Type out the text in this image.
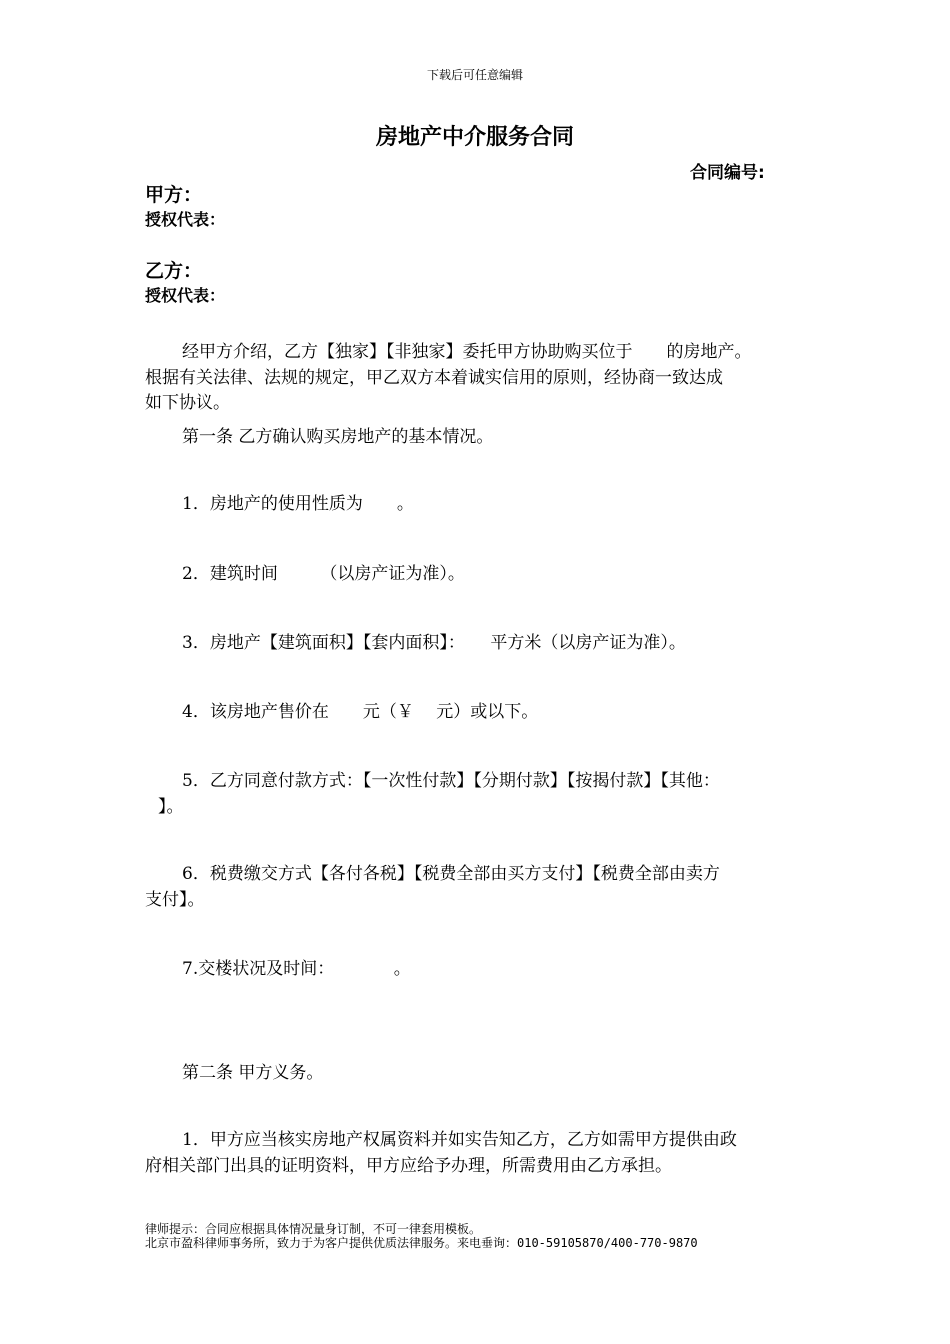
下载后可任意编辑
房地产中介服务合同
合同编号:
甲方：
授权代表：
乙方：
授权代表：
经甲方介绍，乙方【独家】【非独家】委托甲方协助购买位于　　的房地产。
根据有关法律、法规的规定，甲乙双方本着诚实信用的原则，经协商一致达成
如下协议。
第一条 乙方确认购买房地产的基本情况。
1．房地产的使用性质为　　。
2．建筑时间　　　（以房产证为准）。
3．房地产【建筑面积】【套内面积】：　　平方米（以房产证为准）。
4．该房地产售价在　　元（￥　 元）或以下。
5．乙方同意付款方式：【一次性付款】【分期付款】【按揭付款】【其他：
】。
6．税费缴交方式【各付各税】【税费全部由买方支付】【税费全部由卖方
支付】。
7.交楼状况及时间：　　　　。
第二条 甲方义务。
1．甲方应当核实房地产权属资料并如实告知乙方，乙方如需甲方提供由政
府相关部门出具的证明资料，甲方应给予办理，所需费用由乙方承担。
律师提示：合同应根据具体情况量身订制，不可一律套用模板。
北京市盈科律师事务所，致力于为客户提供优质法律服务。来电垂询：010-59105870/400-770-9870
